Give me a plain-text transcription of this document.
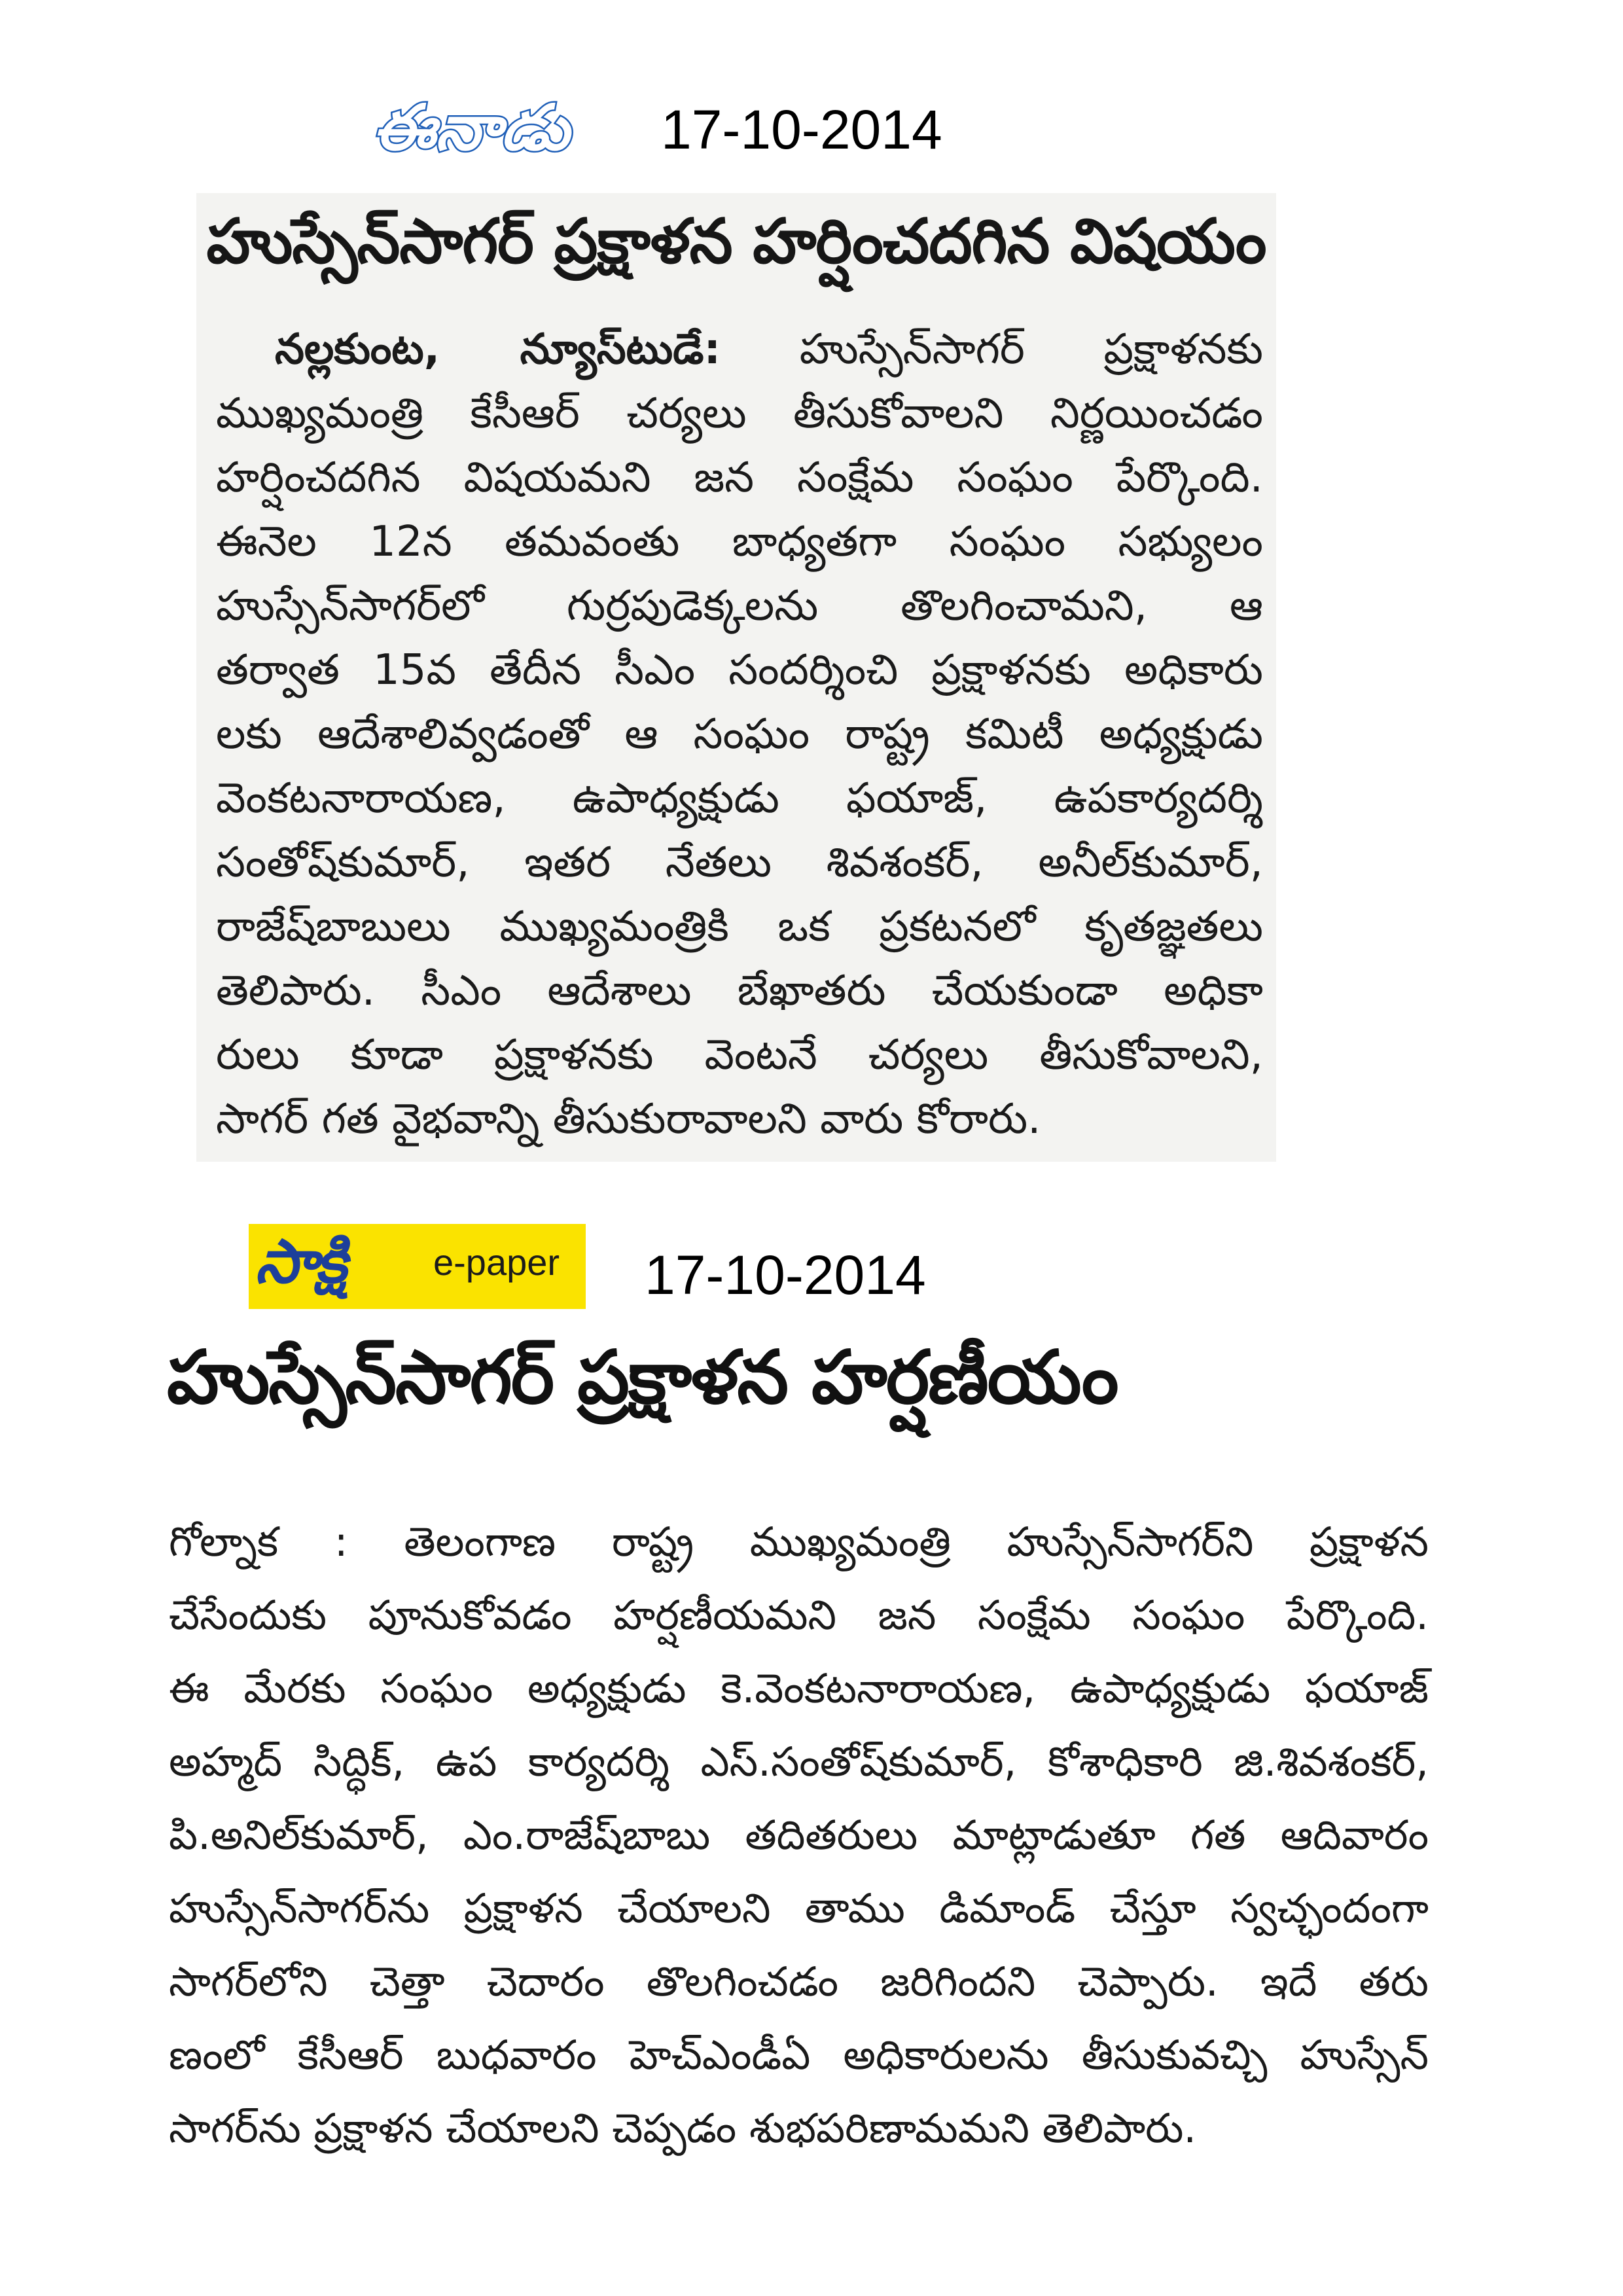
ఈనాడు 17-10-2014
హుస్సేన్‌సాగర్ ప్రక్షాళన హర్షించదగిన విషయం
నల్లకుంట, న్యూస్‌టుడే: హుస్సేన్‌సాగర్ ప్రక్షాళనకు
ముఖ్యమంత్రి కేసీఆర్ చర్యలు తీసుకోవాలని నిర్ణయించడం
హర్షించదగిన విషయమని జన సంక్షేమ సంఘం పేర్కొంది.
ఈనెల 12న తమవంతు బాధ్యతగా సంఘం సభ్యులం
హుస్సేన్‌సాగర్‌లో గుర్రపుడెక్కలను తొలగించామని, ఆ
తర్వాత 15వ తేదీన సీఎం సందర్శించి ప్రక్షాళనకు అధికారు
లకు ఆదేశాలివ్వడంతో ఆ సంఘం రాష్ట్ర కమిటీ అధ్యక్షుడు
వెంకటనారాయణ, ఉపాధ్యక్షుడు ఫయాజ్, ఉపకార్యదర్శి
సంతోష్‌కుమార్, ఇతర నేతలు శివశంకర్, అనీల్‌కుమార్,
రాజేష్‌బాబులు ముఖ్యమంత్రికి ఒక ప్రకటనలో కృతజ్ఞతలు
తెలిపారు. సీఎం ఆదేశాలు బేఖాతరు చేయకుండా అధికా
రులు కూడా ప్రక్షాళనకు వెంటనే చర్యలు తీసుకోవాలని,
సాగర్ గత వైభవాన్ని తీసుకురావాలని వారు కోరారు.
సాక్షి e-paper 17-10-2014
హుస్సేన్‌సాగర్ ప్రక్షాళన హర్షణీయం
గోల్నాక : తెలంగాణ రాష్ట్ర ముఖ్యమంత్రి హుస్సేన్‌సాగర్‌ని ప్రక్షాళన
చేసేందుకు పూనుకోవడం హర్షణీయమని జన సంక్షేమ సంఘం పేర్కొంది.
ఈ మేరకు సంఘం అధ్యక్షుడు కె.వెంకటనారాయణ, ఉపాధ్యక్షుడు ఫయాజ్
అహ్మద్ సిద్ధిక్, ఉప కార్యదర్శి ఎస్.సంతోష్‌కుమార్, కోశాధికారి జి.శివశంకర్,
పి.అనిల్‌కుమార్, ఎం.రాజేష్‌బాబు తదితరులు మాట్లాడుతూ గత ఆదివారం
హుస్సేన్‌సాగర్‌ను ప్రక్షాళన చేయాలని తాము డిమాండ్ చేస్తూ స్వచ్ఛందంగా
సాగర్‌లోని చెత్తా చెదారం తొలగించడం జరిగిందని చెప్పారు. ఇదే తరు
ణంలో కేసీఆర్ బుధవారం హెచ్ఎండీఏ అధికారులను తీసుకువచ్చి హుస్సేన్
సాగర్‌ను ప్రక్షాళన చేయాలని చెప్పడం శుభపరిణామమని తెలిపారు.
